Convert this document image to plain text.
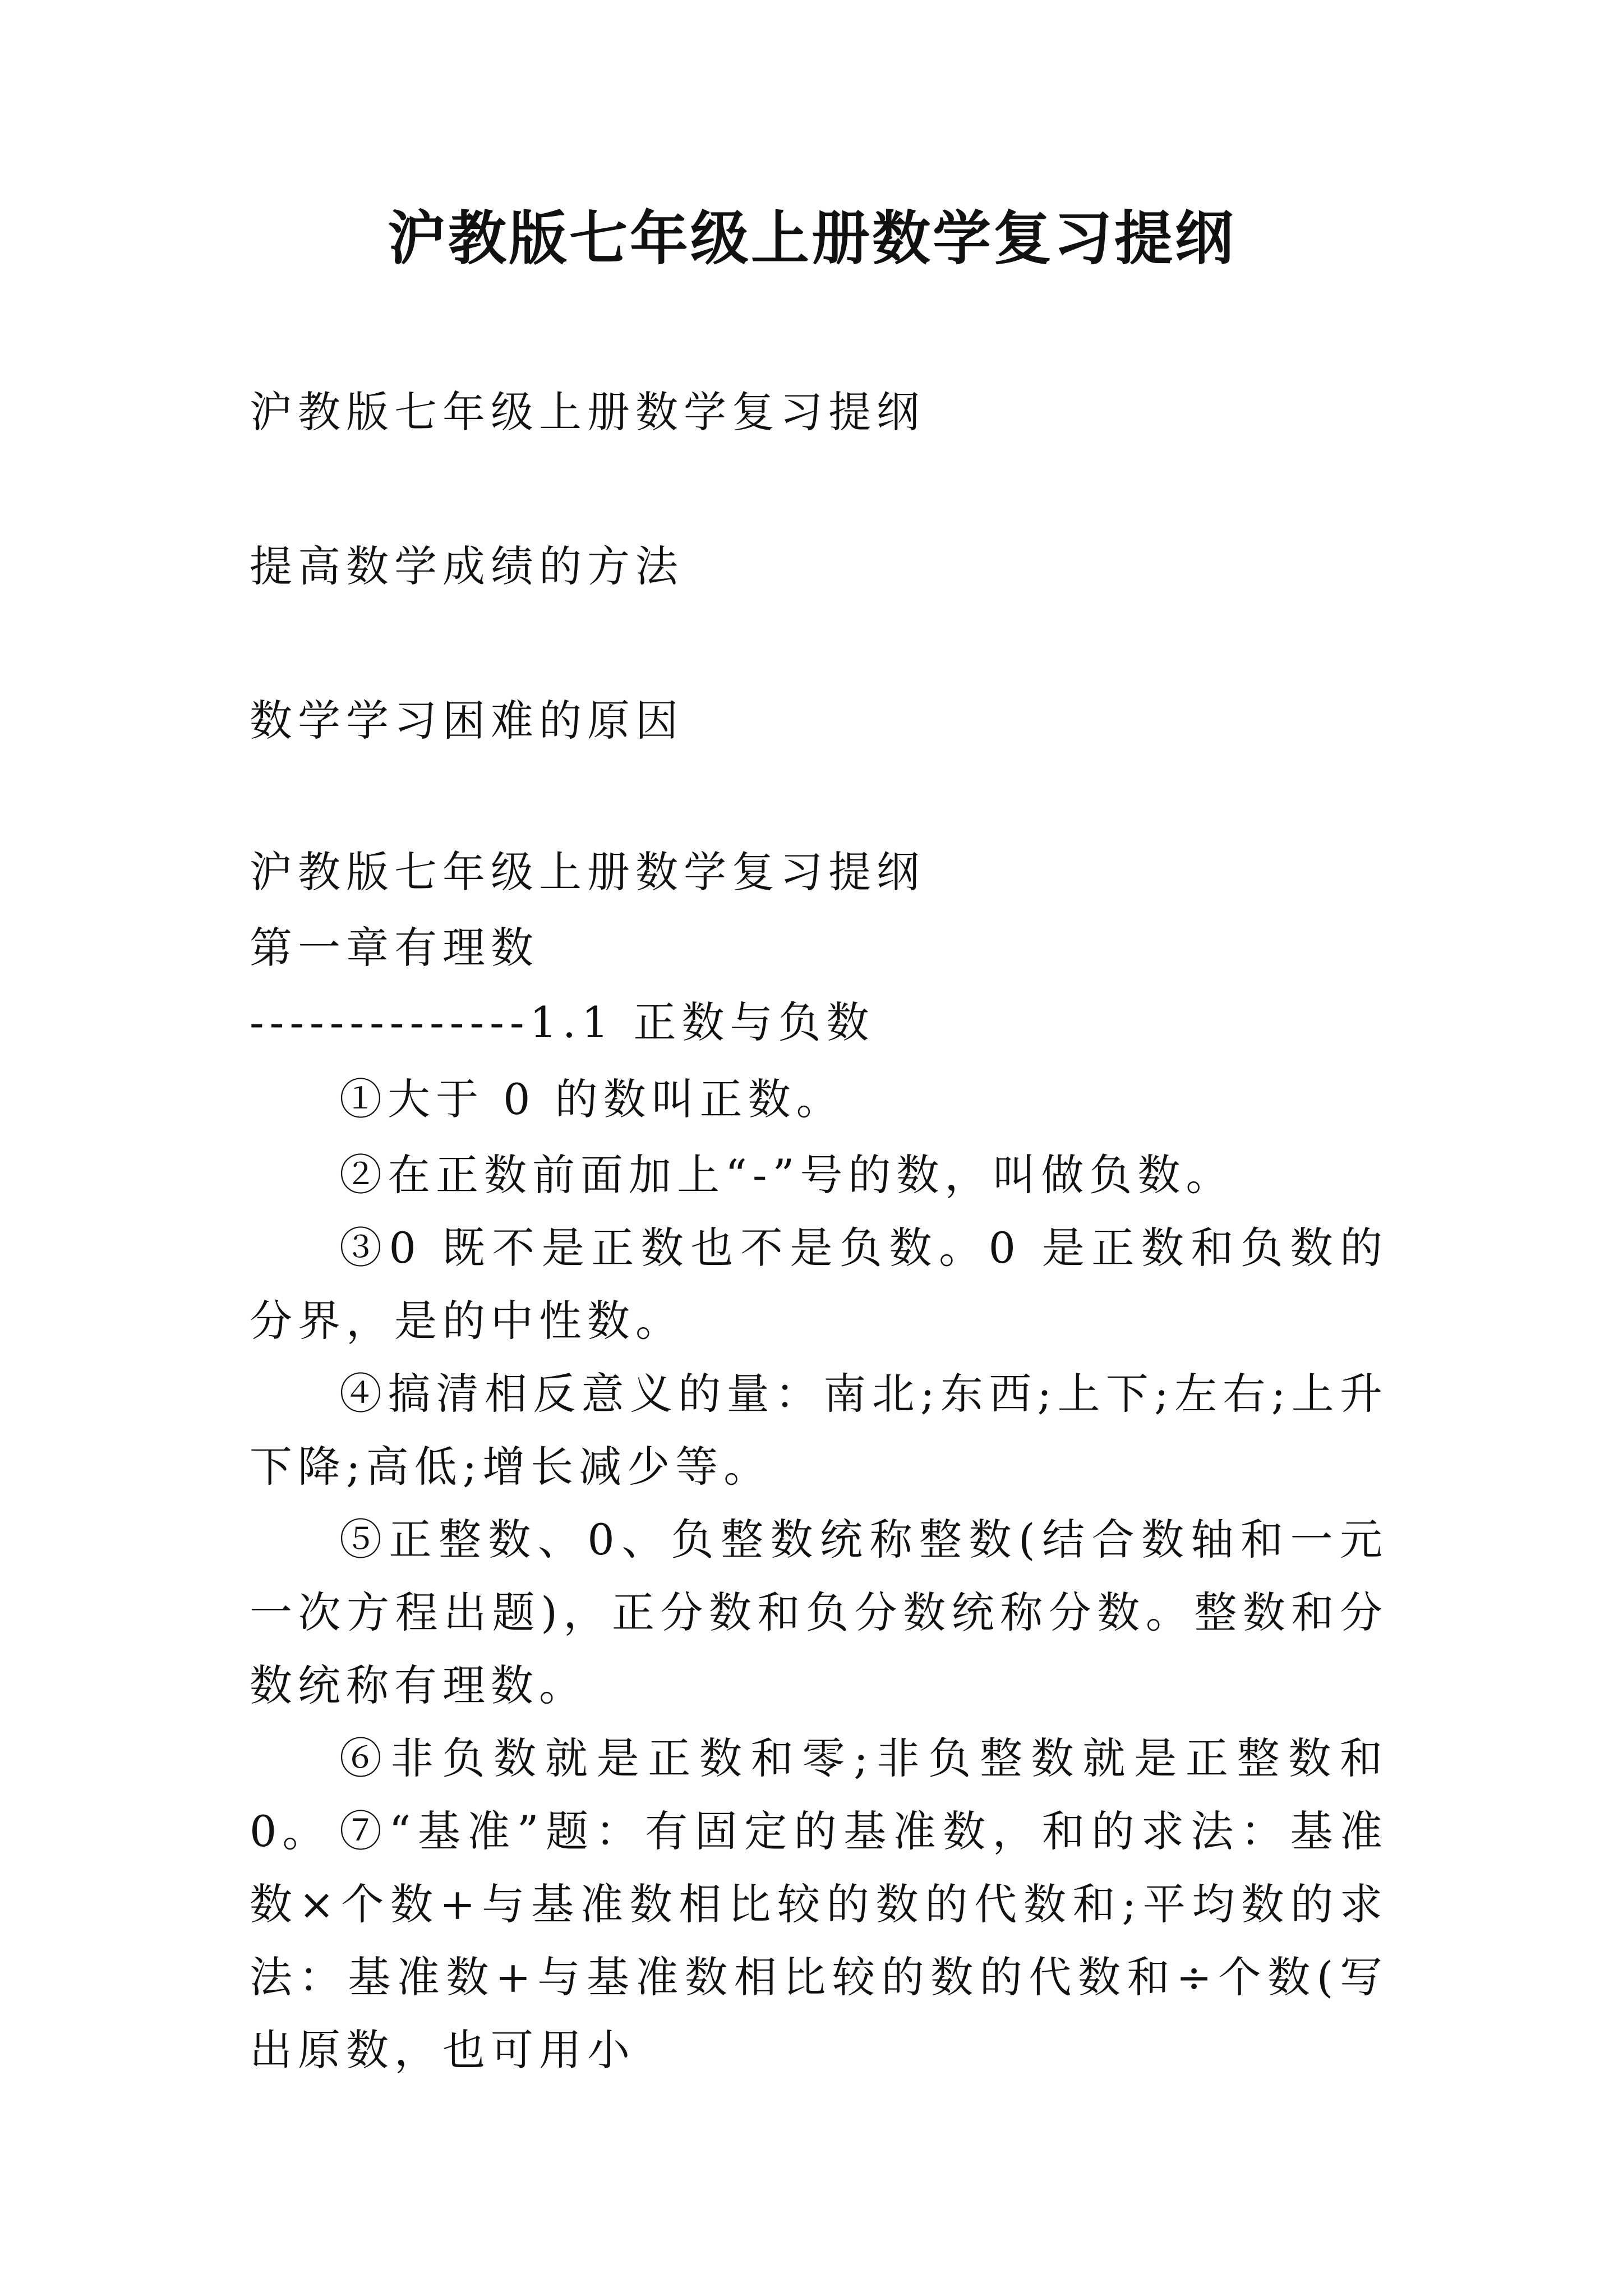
沪教版七年级上册数学复习提纲

沪教版七年级上册数学复习提纲

提高数学成绩的方法

数学学习困难的原因

沪教版七年级上册数学复习提纲

第一章有理数

--------------1.1 正数与负数

①大于 0 的数叫正数。

②在正数前面加上“-”号的数，叫做负数。

③0 既不是正数也不是负数。0 是正数和负数的分界，是的中性数。

④搞清相反意义的量：南北;东西;上下;左右;上升下降;高低;增长减少等。

⑤正整数、0、负整数统称整数(结合数轴和一元一次方程出题)，正分数和负分数统称分数。整数和分数统称有理数。

⑥非负数就是正数和零;非负整数就是正整数和 0。 ⑦“基准”题：有固定的基准数，和的求法：基准数×个数+与基准数相比较的数的代数和;平均数的求法：基准数+与基准数相比较的数的代数和÷个数(写出原数，也可用小
